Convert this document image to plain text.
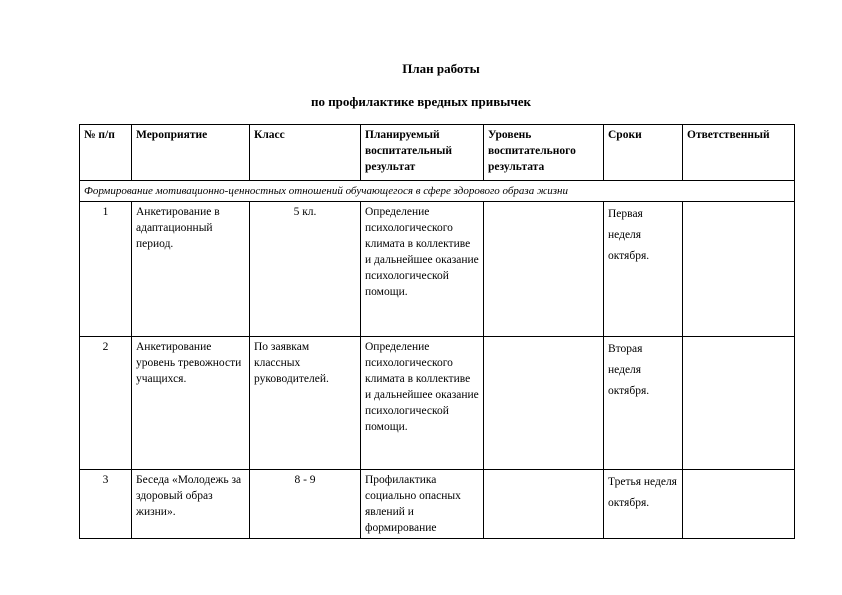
План работы
по профилактике вредных привычек
№ п/п	Мероприятие	Класс	Планируемый воспитательный результат	Уровень воспитательного результата	Сроки	Ответственный
Формирование мотивационно-ценностных отношений обучающегося в сфере здорового образа жизни						
1	Анкетирование в адаптационный период.	5 кл.	Определение психологического климата в коллективе и дальнейшее оказание психологической помощи.		Первая неделя октября.	
2	Анкетирование уровень тревожности учащихся.	По заявкам классных руководителей.	Определение психологического климата в коллективе и дальнейшее оказание психологической помощи.		Вторая неделя октября.	
3	Беседа «Молодежь за здоровый образ жизни».	8 - 9	Профилактика социально опасных явлений и формирование		Третья неделя октября.	
